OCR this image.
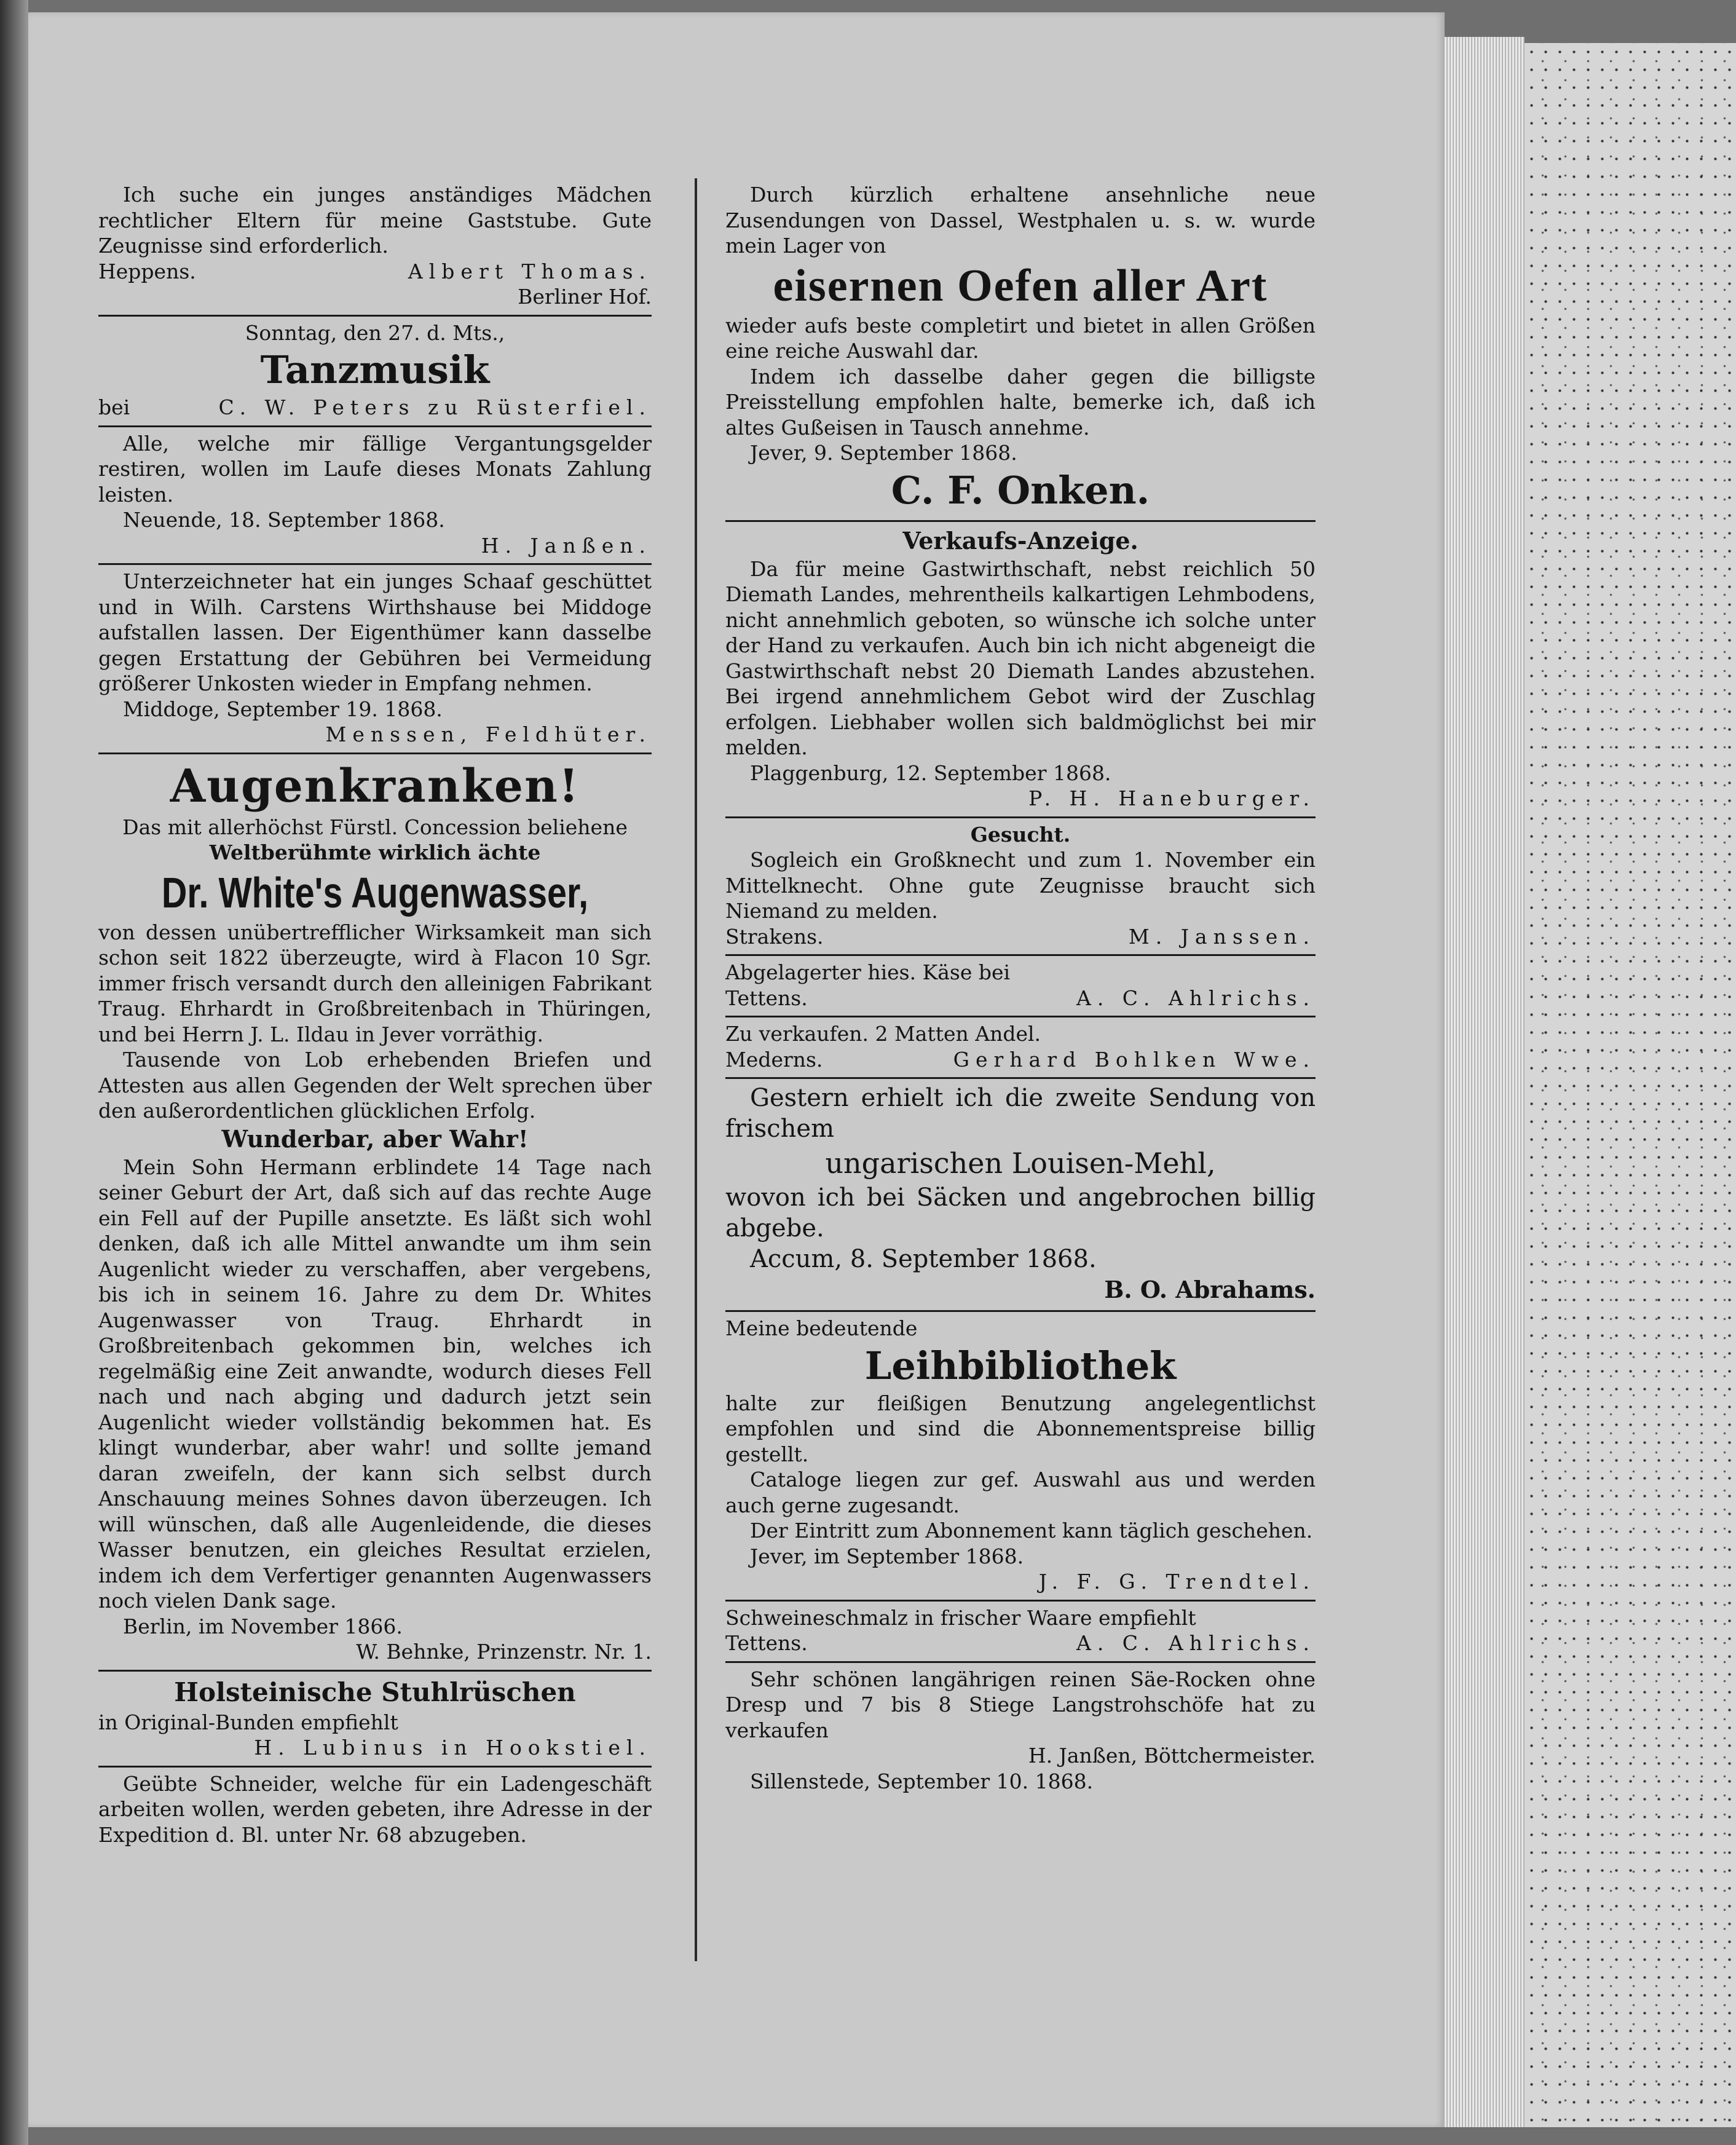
Ich suche ein junges anständiges Mädchen rechtlicher Eltern für meine Gaststube. Gute Zeugnisse sind erforderlich.

Heppens.	Albert Thomas.

Berliner Hof.

Sonntag, den 27. d. Mts.,

Tanzmusik

bei	C. W. Peters zu Rüsterfiel.

Alle, welche mir fällige Vergantungsgelder restiren, wollen im Laufe dieses Monats Zahlung leisten.

Neuende, 18. September 1868.

H. Janßen.

Unterzeichneter hat ein junges Schaaf geschüttet und in Wilh. Carstens Wirthshause bei Middoge aufstallen lassen. Der Eigenthümer kann dasselbe gegen Erstattung der Gebühren bei Vermeidung größerer Unkosten wieder in Empfang nehmen.

Middoge, September 19. 1868.

Menssen, Feldhüter.

Augenkranken!

Das mit allerhöchst Fürstl. Concession beliehene

Weltberühmte wirklich ächte

Dr. White's Augenwasser,

von dessen unübertrefflicher Wirksamkeit man sich schon seit 1822 überzeugte, wird à Flacon 10 Sgr. immer frisch versandt durch den alleinigen Fabrikant Traug. Ehrhardt in Großbreitenbach in Thüringen, und bei Herrn J. L. Ildau in Jever vorräthig.

Tausende von Lob erhebenden Briefen und Attesten aus allen Gegenden der Welt sprechen über den außerordentlichen glücklichen Erfolg.

Wunderbar, aber Wahr!

Mein Sohn Hermann erblindete 14 Tage nach seiner Geburt der Art, daß sich auf das rechte Auge ein Fell auf der Pupille ansetzte. Es läßt sich wohl denken, daß ich alle Mittel anwandte um ihm sein Augenlicht wieder zu verschaffen, aber vergebens, bis ich in seinem 16. Jahre zu dem Dr. Whites Augenwasser von Traug. Ehrhardt in Großbreitenbach gekommen bin, welches ich regelmäßig eine Zeit anwandte, wodurch dieses Fell nach und nach abging und dadurch jetzt sein Augenlicht wieder vollständig bekommen hat. Es klingt wunderbar, aber wahr! und sollte jemand daran zweifeln, der kann sich selbst durch Anschauung meines Sohnes davon überzeugen. Ich will wünschen, daß alle Augenleidende, die dieses Wasser benutzen, ein gleiches Resultat erzielen, indem ich dem Verfertiger genannten Augenwassers noch vielen Dank sage.

Berlin, im November 1866.

W. Behnke, Prinzenstr. Nr. 1.

Holsteinische Stuhlrüschen

in Original-Bunden empfiehlt

H. Lubinus in Hookstiel.

Geübte Schneider, welche für ein Ladengeschäft arbeiten wollen, werden gebeten, ihre Adresse in der Expedition d. Bl. unter Nr. 68 abzugeben.

Durch kürzlich erhaltene ansehnliche neue Zusendungen von Dassel, Westphalen u. s. w. wurde mein Lager von

eisernen Oefen aller Art

wieder aufs beste completirt und bietet in allen Größen eine reiche Auswahl dar.

Indem ich dasselbe daher gegen die billigste Preisstellung empfohlen halte, bemerke ich, daß ich altes Gußeisen in Tausch annehme.

Jever, 9. September 1868.

C. F. Onken.

Verkaufs-Anzeige.

Da für meine Gastwirthschaft, nebst reichlich 50 Diemath Landes, mehrentheils kalkartigen Lehmbodens, nicht annehmlich geboten, so wünsche ich solche unter der Hand zu verkaufen. Auch bin ich nicht abgeneigt die Gastwirthschaft nebst 20 Diemath Landes abzustehen. Bei irgend annehmlichem Gebot wird der Zuschlag erfolgen. Liebhaber wollen sich baldmöglichst bei mir melden.

Plaggenburg, 12. September 1868.

P. H. Haneburger.

Gesucht.

Sogleich ein Großknecht und zum 1. November ein Mittelknecht. Ohne gute Zeugnisse braucht sich Niemand zu melden.

Strakens.	M. Janssen.

Abgelagerter hies. Käse bei

Tettens.	A. C. Ahlrichs.

Zu verkaufen. 2 Matten Andel.

Mederns.	Gerhard Bohlken Wwe.

Gestern erhielt ich die zweite Sendung von frischem

ungarischen Louisen-Mehl,

wovon ich bei Säcken und angebrochen billig abgebe.

Accum, 8. September 1868.

B. O. Abrahams.

Meine bedeutende

Leihbibliothek

halte zur fleißigen Benutzung angelegentlichst empfohlen und sind die Abonnementspreise billig gestellt.

Cataloge liegen zur gef. Auswahl aus und werden auch gerne zugesandt.

Der Eintritt zum Abonnement kann täglich geschehen.

Jever, im September 1868.

J. F. G. Trendtel.

Schweineschmalz in frischer Waare empfiehlt

Tettens.	A. C. Ahlrichs.

Sehr schönen langährigen reinen Säe-Rocken ohne Dresp und 7 bis 8 Stiege Langstrohschöfe hat zu verkaufen

H. Janßen, Böttchermeister.

Sillenstede, September 10. 1868.
